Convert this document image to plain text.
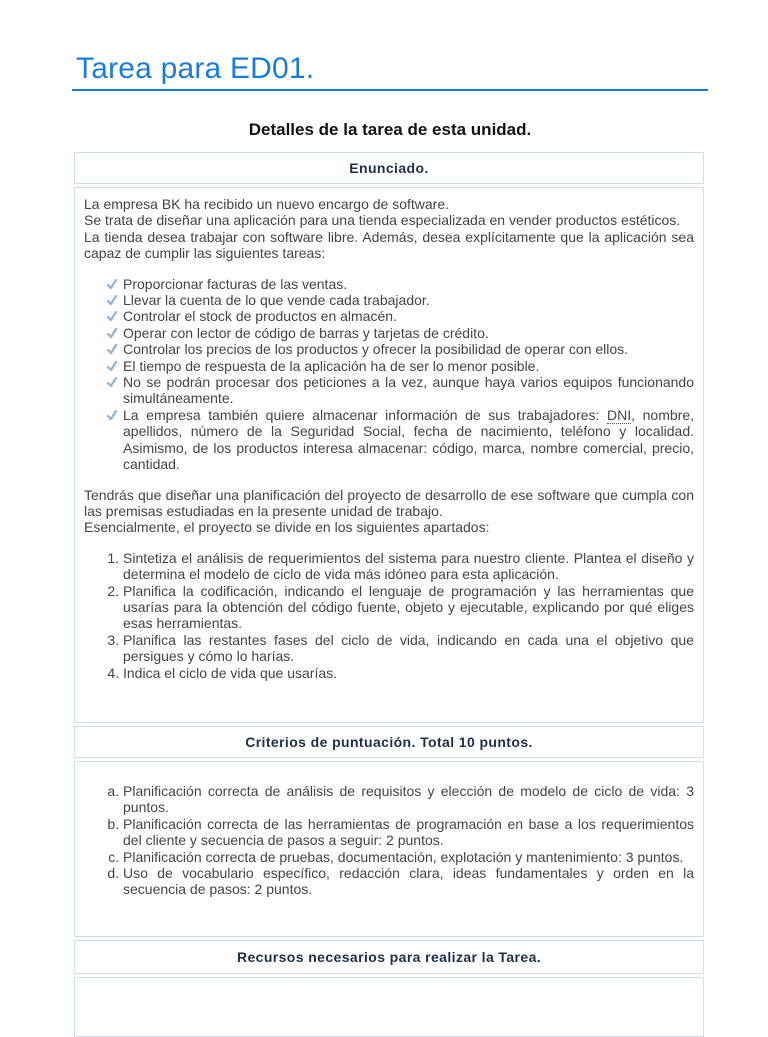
Tarea para ED01.
Detalles de la tarea de esta unidad.
Enunciado.

La empresa BK ha recibido un nuevo encargo de software.

Se trata de diseñar una aplicación para una tienda especializada en vender productos estéticos.

La tienda desea trabajar con software libre. Además, desea explícitamente que la aplicación sea capaz de cumplir las siguientes tareas:

Proporcionar facturas de las ventas.
Llevar la cuenta de lo que vende cada trabajador.
Controlar el stock de productos en almacén.
Operar con lector de código de barras y tarjetas de crédito.
Controlar los precios de los productos y ofrecer la posibilidad de operar con ellos.
El tiempo de respuesta de la aplicación ha de ser lo menor posible.
No se podrán procesar dos peticiones a la vez, aunque haya varios equipos funcionando simultáneamente.
La empresa también quiere almacenar información de sus trabajadores: DNI, nombre, apellidos, número de la Seguridad Social, fecha de nacimiento, teléfono y localidad. Asimismo, de los productos interesa almacenar: código, marca, nombre comercial, precio, cantidad.

Tendrás que diseñar una planificación del proyecto de desarrollo de ese software que cumpla con las premisas estudiadas en la presente unidad de trabajo.

Esencialmente, el proyecto se divide en los siguientes apartados:

1. Sintetiza el análisis de requerimientos del sistema para nuestro cliente. Plantea el diseño y determina el modelo de ciclo de vida más idóneo para esta aplicación.
2. Planifica la codificación, indicando el lenguaje de programación y las herramientas que usarías para la obtención del código fuente, objeto y ejecutable, explicando por qué eliges esas herramientas.
3. Planifica las restantes fases del ciclo de vida, indicando en cada una el objetivo que persigues y cómo lo harías.
4. Indica el ciclo de vida que usarías.
Criterios de puntuación. Total 10 puntos.
a. Planificación correcta de análisis de requisitos y elección de modelo de ciclo de vida: 3 puntos.
b. Planificación correcta de las herramientas de programación en base a los requerimientos del cliente y secuencia de pasos a seguir: 2 puntos.
c. Planificación correcta de pruebas, documentación, explotación y mantenimiento: 3 puntos.
d. Uso de vocabulario específico, redacción clara, ideas fundamentales y orden en la secuencia de pasos: 2 puntos.
Recursos necesarios para realizar la Tarea.
